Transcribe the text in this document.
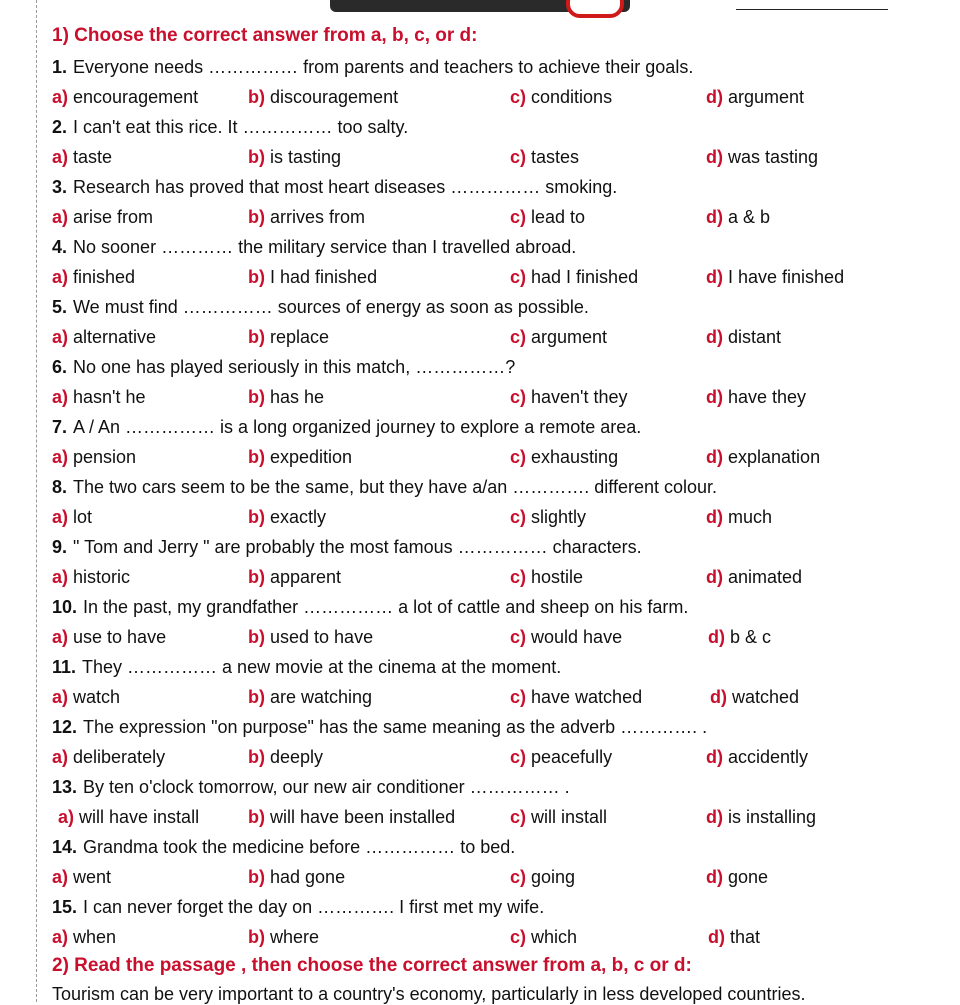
1) Choose the correct answer from a, b, c, or d:
1. Everyone needs …………… from parents and teachers to achieve their goals.
a) encouragement	b) discouragement	c) conditions	d) argument
2. I can't eat this rice. It …………… too salty.
a) taste	b) is tasting	c) tastes	d) was tasting
3. Research has proved that most heart diseases …………… smoking.
a) arise from	b) arrives from	c) lead to	d) a & b
4. No sooner ………… the military service than I travelled abroad.
a) finished	b) I had finished	c) had I finished	d) I have finished
5. We must find …………… sources of energy as soon as possible.
a) alternative	b) replace	c) argument	d) distant
6. No one has played seriously in this match, ……………?
a) hasn't he	b) has he	c) haven't they	d) have they
7. A / An …………… is a long organized journey to explore a remote area.
a) pension	b) expedition	c) exhausting	d) explanation
8. The two cars seem to be the same, but they have a/an …………. different colour.
a) lot	b) exactly	c) slightly	d) much
9. " Tom and Jerry " are probably the most famous …………… characters.
a) historic	b) apparent	c) hostile	d) animated
10. In the past, my grandfather …………… a lot of cattle and sheep on his farm.
a) use to have	b) used to have	c) would have	d) b & c
11. They …………… a new movie at the cinema at the moment.
a) watch	b) are watching	c) have watched	d) watched
12. The expression "on purpose" has the same meaning as the adverb …………. .
a) deliberately	b) deeply	c) peacefully	d) accidently
13. By ten o'clock tomorrow, our new air conditioner …………… .
a) will have install	b) will have been installed	c) will install	d) is installing
14. Grandma took the medicine before …………… to bed.
a) went	b) had gone	c) going	d) gone
15. I can never forget the day on …………. I first met my wife.
a) when	b) where	c) which	d) that
2) Read the passage , then choose the correct answer from a, b, c or d:
Tourism can be very important to a country's economy, particularly in less developed countries.
